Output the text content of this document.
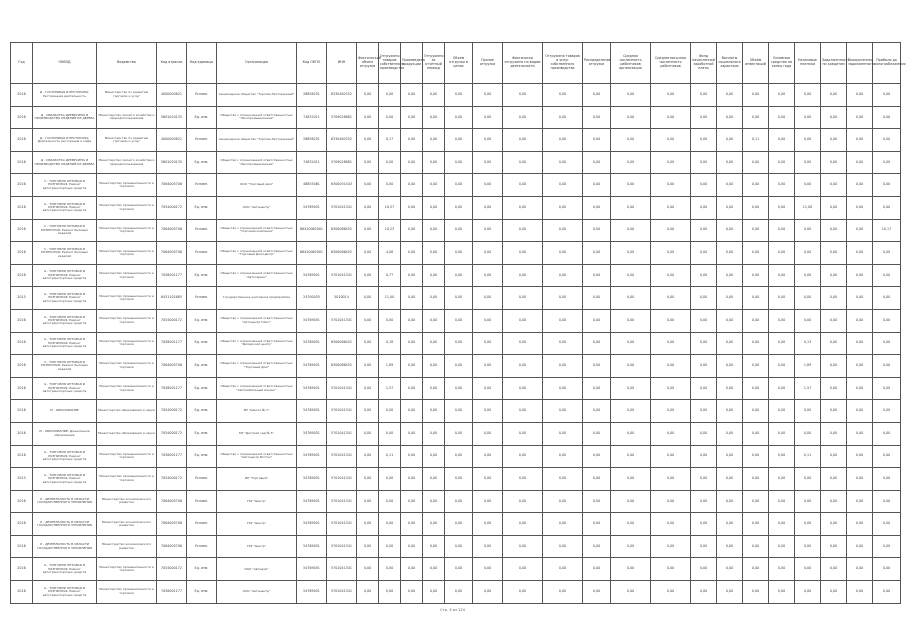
Год	ОКВЭД	Ведомство	Код отрасли	Код единицы	Организация	Код ОКПО	ИНН	Фактический объём отгрузки	Отгружено товаров собственного производства	Произведено продукции	Отгружено за отчётный период	Объём отгрузки в ценах	Прочие отгрузки	Фактически отгружено по видам деятельности	Отгружено товаров и услуг собственного производства	Распределение отгрузки	Средняя численность работников организации	Среднесписочная численность работников	Фонд начисленной заработной платы	Выплаты социального характера	Объём инвестиций	Основные средства на конец года	Налоговые платежи	Задолженность по кредитам	Просроченная задолженность	Прибыль до налогообложения
2016	Д - ГОСТИНИЦЫ И РЕСТОРАНЫ; Ресторанная деятельность	Министерство по развитию торговли и услуг	4000005821	Условн.	Акционерное общество "Торгово-Ресторанный"	28856251	6330462552	0,00	0,00	0,00	0,00	0,00	0,00	0,00	0,00	0,00	0,00	0,00	0,00	0,00	0,00	0,00	0,00	0,00	0,00	0,00
2016	Д - ОБРАБОТКА ДРЕВЕСИНЫ И ПРОИЗВОДСТВО ИЗДЕЛИЙ ИЗ ДЕРЕВА	Министерство лесного хозяйства и природопользования	5601020135	Ед. изм.	Общество с ограниченной ответственностью "Лесопромышленник"	74832011	5709028881	0,00	0,00	0,00	0,00	0,00	0,00	0,00	0,00	0,00	0,00	0,00	0,00	0,00	0,00	0,00	0,00	0,00	0,00	0,00
2016	Д - ГОСТИНИЦЫ И РЕСТОРАНЫ; Деятельность ресторанов и кафе	Министерство по развитию торговли и услуг	4000005821	Условн.	Акционерное общество "Торгово-Ресторанный"	28856251	6330462552	0,00	0,17	0,00	0,00	0,00	0,00	0,00	0,00	0,00	0,00	0,00	0,00	0,00	0,11	0,00	0,00	0,00	0,00	0,00
2016	Д - ОБРАБОТКА ДРЕВЕСИНЫ И ПРОИЗВОДСТВО ИЗДЕЛИЙ ИЗ ДЕРЕВА	Министерство лесного хозяйства и природопользования	5601020135	Ед. изм.	Общество с ограниченной ответственностью "Лесопромышленник"	74832011	5709028881	0,00	0,00	0,00	0,00	0,00	0,00	0,00	0,00	0,00	0,00	0,00	0,00	0,00	0,00	0,00	0,00	0,00	0,00	0,00
2016	С - ТОРГОВЛЯ ОПТОВАЯ И РОЗНИЧНАЯ; Ремонт автотранспортных средств	Министерство промышленности и торговли	7064005706	Условн.	ООО "Торговый дом"	48855061	6300051443	0,00	0,00	0,00	0,00	0,00	0,00	0,00	0,00	0,00	0,00	0,00	0,00	0,00	0,00	0,00	0,00	0,00	0,00	0,00
2016	G - ТОРГОВЛЯ ОПТОВАЯ И РОЗНИЧНАЯ; Ремонт автотранспортных средств	Министерство промышленности и торговли	7054000172	Ед. изм.	ООО "Автоцентр"	54769051	5701041341	0,00	10,57	0,00	0,00	0,00	0,00	0,00	0,00	0,00	0,00	0,00	0,00	0,00	0,00	0,00	11,00	0,00	0,00	0,00
2016	С - ТОРГОВЛЯ ОПТОВАЯ И РОЗНИЧНАЯ; Ремонт бытовых изделий	Министерство промышленности и торговли	7064005706	Условн.	Общество с ограниченной ответственностью "Торговая компания"	86420062001	6300086452	0,00	10,23	0,00	0,00	0,00	0,00	0,00	0,00	0,00	0,00	0,00	0,00	0,00	0,00	0,00	0,00	0,00	0,00	10,17
2016	С - ТОРГОВЛЯ ОПТОВАЯ И РОЗНИЧНАЯ; Ремонт бытовых изделий	Министерство промышленности и торговли	7064005706	Условн.	Общество с ограниченной ответственностью "Торговый Дом Центр"	86420062001	6300086452	0,00	4,08	0,00	0,00	0,00	0,00	0,00	0,00	0,00	0,00	0,00	0,00	0,00	0,00	0,00	0,00	0,00	0,00	0,00
2016	G - ТОРГОВЛЯ ОПТОВАЯ И РОЗНИЧНАЯ; Ремонт автотранспортных средств	Министерство промышленности и торговли	7058001177	Ед. изм.	Общество с ограниченной ответственностью "Автосервис"	54769051	5701041341	0,00	0,77	0,00	0,00	0,00	0,00	0,00	0,00	0,00	0,00	0,00	0,00	0,00	0,00	0,00	0,00	0,00	0,00	0,00
2015	G - ТОРГОВЛЯ ОПТОВАЯ И РОЗНИЧНАЯ; Ремонт автотранспортных средств	Министерство промышленности и торговли	6451101685	Условн.	Государственное унитарное предприятие	24700055	5010014	0,00	11,00	0,00	0,00	0,00	0,00	0,00	0,00	0,00	0,00	0,00	0,00	0,00	0,00	0,00	0,00	0,00	0,00	0,00
2016	G - ТОРГОВЛЯ ОПТОВАЯ И РОЗНИЧНАЯ; Ремонт автотранспортных средств	Министерство промышленности и торговли	7054000172	Ед. изм.	Общество с ограниченной ответственностью "Автоцентр Плюс"	54769051	5701041341	0,00	0,00	0,00	0,00	0,00	0,00	0,00	0,00	0,00	0,00	0,00	0,00	0,00	0,00	0,00	0,00	0,00	0,00	0,00
2016	G - ТОРГОВЛЯ ОПТОВАЯ И РОЗНИЧНАЯ; Ремонт автотранспортных средств	Министерство промышленности и торговли	7058001177	Ед. изм.	Общество с ограниченной ответственностью "Дилерский центр"	54769051	6300086452	0,00	0,18	0,00	0,00	0,00	0,00	0,00	0,00	0,00	0,00	0,00	0,00	0,00	0,00	0,00	0,13	0,00	0,00	0,00
2016	С - ТОРГОВЛЯ ОПТОВАЯ И РОЗНИЧНАЯ; Ремонт бытовых изделий	Министерство промышленности и торговли	7064005706	Ед. изм.	Общество с ограниченной ответственностью "Торговый Дом"	54769051	6300086452	0,00	1,89	0,00	0,00	0,00	0,00	0,00	0,00	0,00	0,00	0,00	0,00	0,00	0,00	0,00	1,89	0,00	0,00	0,00
2016	G - ТОРГОВЛЯ ОПТОВАЯ И РОЗНИЧНАЯ; Ремонт автотранспортных средств	Министерство промышленности и торговли	7058001177	Ед. изм.	Общество с ограниченной ответственностью "Автомобильный Альянс"	54769051	5701041341	0,00	1,57	0,00	0,00	0,00	0,00	0,00	0,00	0,00	0,00	0,00	0,00	0,00	0,00	0,00	1,57	0,00	0,00	0,00
2016	М - ОБРАЗОВАНИЕ	Министерство образования и науки	7054000172	Ед. изм.	МУ "Школа № 1"	54769051	5701041341	0,00	0,00	0,00	0,00	0,00	0,00	0,00	0,00	0,00	0,00	0,00	0,00	0,00	0,00	0,00	0,00	0,00	0,00	0,00
2016	М - ОБРАЗОВАНИЕ; Дошкольное образование	Министерство образования и науки	7054000172	Ед. изм.	МУ "Детский сад № 5"	54769051	5701041341	0,00	0,00	0,00	0,00	0,00	0,00	0,00	0,00	0,00	0,00	0,00	0,00	0,00	0,00	0,00	0,00	0,00	0,00	0,00
2016	G - ТОРГОВЛЯ ОПТОВАЯ И РОЗНИЧНАЯ; Ремонт автотранспортных средств	Министерство промышленности и торговли	7058001177	Ед. изм.	Общество с ограниченной ответственностью "Автоцентр Восток"	54769051	5701041341	0,00	0,11	0,00	0,00	0,00	0,00	0,00	0,00	0,00	0,00	0,00	0,00	0,00	0,00	0,00	0,11	0,00	0,00	0,00
2015	G - ТОРГОВЛЯ ОПТОВАЯ И РОЗНИЧНАЯ; Ремонт автотранспортных средств	Министерство промышленности и торговли	7054000172	Условн.	ИП "Торговый"	54769051	5701041341	0,00	0,00	0,00	0,00	0,00	0,00	0,00	0,00	0,00	0,00	0,00	0,00	0,00	0,00	0,00	0,00	0,00	0,00	0,00
2016	Л - ДЕЯТЕЛЬНОСТЬ В ОБЛАСТИ ГОСУДАРСТВЕННОГО УПРАВЛЕНИЯ	Министерство экономического развития	7064005706	Условн.	ГКУ "Центр"	54769051	5701041341	0,00	0,00	0,00	0,00	0,00	0,00	0,00	0,00	0,00	0,00	0,00	0,00	0,00	0,00	0,00	0,00	0,00	0,00	0,00
2016	Л - ДЕЯТЕЛЬНОСТЬ В ОБЛАСТИ ГОСУДАРСТВЕННОГО УПРАВЛЕНИЯ	Министерство экономического развития	7064005706	Условн.	ГКУ "Центр"	54769051	5701041341	0,00	0,00	0,00	0,00	0,00	0,00	0,00	0,00	0,00	0,00	0,00	0,00	0,00	0,00	0,00	0,00	0,00	0,00	0,00
2016	Л - ДЕЯТЕЛЬНОСТЬ В ОБЛАСТИ ГОСУДАРСТВЕННОГО УПРАВЛЕНИЯ	Министерство экономического развития	7064005706	Условн.	ГКУ "Центр"	54769051	5701041341	0,00	0,00	0,00	0,00	0,00	0,00	0,00	0,00	0,00	0,00	0,00	0,00	0,00	0,00	0,00	0,00	0,00	0,00	0,00
2016	G - ТОРГОВЛЯ ОПТОВАЯ И РОЗНИЧНАЯ; Ремонт автотранспортных средств	Министерство промышленности и торговли	7054000172	Ед. изм.	ООО "Автодом"	54769051	5701041341	0,00	0,00	0,00	0,00	0,00	0,00	0,00	0,00	0,00	0,00	0,00	0,00	0,00	0,00	0,00	0,00	0,00	0,00	0,00
2016	G - ТОРГОВЛЯ ОПТОВАЯ И РОЗНИЧНАЯ; Ремонт автотранспортных средств	Министерство промышленности и торговли	7058001177	Ед. изм.	ООО "Автоцентр"	54769051	5701041341	0,00	0,00	0,00	0,00	0,00	0,00	0,00	0,00	0,00	0,00	0,00	0,00	0,00	0,00	0,00	0,00	0,00	0,00	0,00
Стр. 3 из 124
